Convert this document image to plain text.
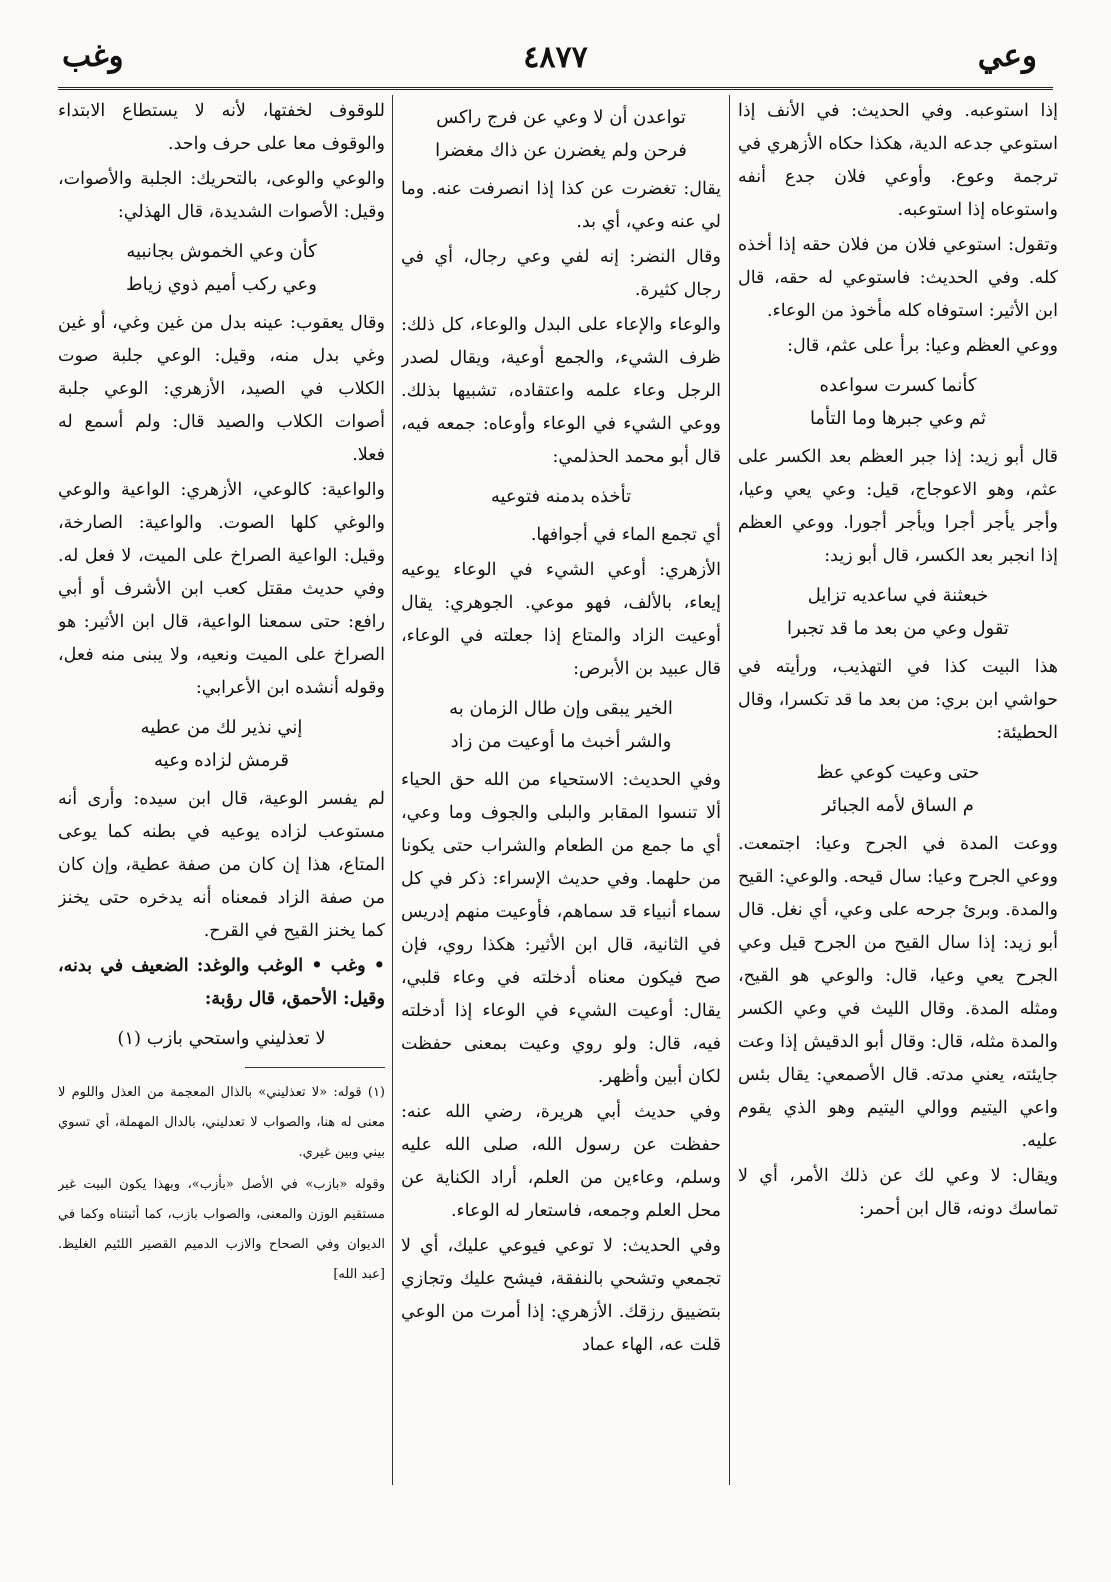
وعي
٤٨٧٧
وغب

إذا استوعبه. وفي الحديث: في الأنف إذا استوعي جدعه الدية، هكذا حكاه الأزهري في ترجمة وعوع. وأوعي فلان جدع أنفه واستوعاه إذا استوعبه.

وتقول: استوعي فلان من فلان حقه إذا أخذه كله. وفي الحديث: فاستوعي له حقه، قال ابن الأثير: استوفاه كله مأخوذ من الوعاء.

ووعي العظم وعيا: برأ على عثم، قال:

كأنما كسرت سواعده
ثم وعي جبرها وما التأما

قال أبو زيد: إذا جبر العظم بعد الكسر على عثم، وهو الاعوجاج، قيل: وعي يعي وعيا، وأجر يأجر أجرا ويأجر أجورا. ووعي العظم إذا انجبر بعد الكسر، قال أبو زيد:

خبعثنة في ساعديه تزايل
تقول وعي من بعد ما قد تجبرا

هذا البيت كذا في التهذيب، ورأيته في حواشي ابن بري: من بعد ما قد تكسرا، وقال الحطيئة:

حتى وعيت كوعي عظ
م الساق لأمه الجبائر

ووعت المدة في الجرح وعيا: اجتمعت. ووعي الجرح وعيا: سال قيحه. والوعي: القيح والمدة. وبرئ جرحه على وعي، أي نغل. قال أبو زيد: إذا سال القيح من الجرح قيل وعي الجرح يعي وعيا، قال: والوعي هو القيح، ومثله المدة. وقال الليث في وعي الكسر والمدة مثله، قال: وقال أبو الدقيش إذا وعت جايئته، يعني مدته. قال الأصمعي: يقال بئس واعي اليتيم ووالي اليتيم وهو الذي يقوم عليه.

ويقال: لا وعي لك عن ذلك الأمر، أي لا تماسك دونه، قال ابن أحمر:

تواعدن أن لا وعي عن فرج راكس
فرحن ولم يغضرن عن ذاك مغضرا

يقال: تغضرت عن كذا إذا انصرفت عنه. وما لي عنه وعي، أي بد.

وقال النضر: إنه لفي وعي رجال، أي في رجال كثيرة.

والوعاء والإعاء على البدل والوعاء، كل ذلك: ظرف الشيء، والجمع أوعية، ويقال لصدر الرجل وعاء علمه واعتقاده، تشبيها بذلك. ووعي الشيء في الوعاء وأوعاه: جمعه فيه، قال أبو محمد الحذلمي:

تأخذه بدمنه فتوعيه

أي تجمع الماء في أجوافها.

الأزهري: أوعي الشيء في الوعاء يوعيه إيعاء، بالألف، فهو موعي. الجوهري: يقال أوعيت الزاد والمتاع إذا جعلته في الوعاء، قال عبيد بن الأبرص:

الخير يبقى وإن طال الزمان به
والشر أخبث ما أوعيت من زاد

وفي الحديث: الاستحياء من الله حق الحياء ألا تنسوا المقابر والبلى والجوف وما وعي، أي ما جمع من الطعام والشراب حتى يكونا من حلهما. وفي حديث الإسراء: ذكر في كل سماء أنبياء قد سماهم، فأوعيت منهم إدريس في الثانية، قال ابن الأثير: هكذا روي، فإن صح فيكون معناه أدخلته في وعاء قلبي، يقال: أوعيت الشيء في الوعاء إذا أدخلته فيه، قال: ولو روي وعيت بمعنى حفظت لكان أبين وأظهر.

وفي حديث أبي هريرة، رضي الله عنه: حفظت عن رسول الله، صلى الله عليه وسلم، وعاءين من العلم، أراد الكناية عن محل العلم وجمعه، فاستعار له الوعاء.

وفي الحديث: لا توعي فيوعي عليك، أي لا تجمعي وتشحي بالنفقة، فيشح عليك وتجازي بتضييق رزقك. الأزهري: إذا أمرت من الوعي قلت عه، الهاء عماد

للوقوف لخفتها، لأنه لا يستطاع الابتداء والوقوف معا على حرف واحد.

والوعي والوعى، بالتحريك: الجلبة والأصوات، وقيل: الأصوات الشديدة، قال الهذلي:

كأن وعي الخموش بجانبيه
وعي ركب أميم ذوي زياط

وقال يعقوب: عينه بدل من غين وغي، أو غين وغي بدل منه، وقيل: الوعي جلبة صوت الكلاب في الصيد، الأزهري: الوعي جلبة أصوات الكلاب والصيد قال: ولم أسمع له فعلا.

والواعية: كالوعي، الأزهري: الواعية والوعي والوغي كلها الصوت. والواعية: الصارخة، وقيل: الواعية الصراخ على الميت، لا فعل له. وفي حديث مقتل كعب ابن الأشرف أو أبي رافع: حتى سمعنا الواعية، قال ابن الأثير: هو الصراخ على الميت ونعيه، ولا يبنى منه فعل، وقوله أنشده ابن الأعرابي:

إني نذير لك من عطيه
قرمش لزاده وعيه

لم يفسر الوعية، قال ابن سيده: وأرى أنه مستوعب لزاده يوعيه في بطنه كما يوعى المتاع، هذا إن كان من صفة عطية، وإن كان من صفة الزاد فمعناه أنه يدخره حتى يخنز كما يخنز القيح في القرح.

• وغب • الوغب والوغد: الضعيف في بدنه، وقيل: الأحمق، قال رؤبة:

لا تعذليني واستحي بازب (١)

(١) قوله: «لا تعذليني» بالذال المعجمة من العذل واللوم لا معنى له هنا، والصواب لا تعدليني، بالدال المهملة، أي تسوي بيني وبين غيري.

وقوله «بازب» في الأصل «بأزب»، وبهذا يكون البيت غير مستقيم الوزن والمعنى، والصواب بازب، كما أثبتناه وكما في الديوان وفي الصحاح والازب الدميم القصير اللئيم الغليظ. [عبد الله]
